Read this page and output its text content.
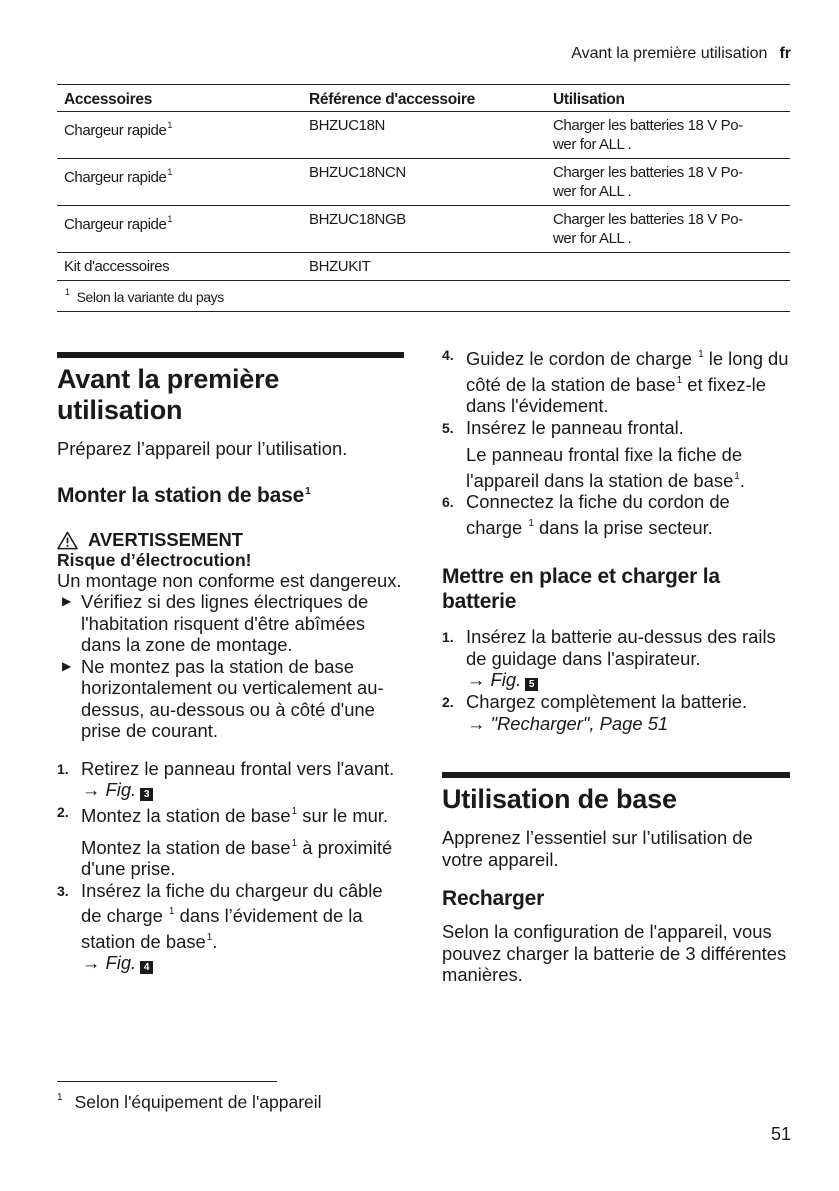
Avant la première utilisation fr
Accessoires	Référence d'accessoire	Utilisation
Chargeur rapide$^1$	BHZUC18N	Charger les batteries 18 V Po-
wer for ALL .
Chargeur rapide$^1$	BHZUC18NCN	Charger les batteries 18 V Po-
wer for ALL .
Chargeur rapide$^1$	BHZUC18NGB	Charger les batteries 18 V Po-
wer for ALL .
Kit d'accessoires	BHZUKIT	
$^1$ Selon la variante du pays		
Avant la première utilisation

Préparez l’appareil pour l’utilisation.

Monter la station de base$^1$
AVERTISSEMENT
Risque d’électrocution!

Un montage non conforme est dangereux.

▶ Vérifiez si des lignes électriques de l'habitation risquent d'être abîmées dans la zone de montage.
▶ Ne montez pas la station de base horizontalement ou verticalement au-dessus, au-dessous ou à côté d'une prise de courant.
1. Retirez le panneau frontal vers l'avant.
→ Fig. 3
2. Montez la station de base$^1$ sur le mur.
Montez la station de base$^1$ à proximité d'une prise.
3. Insérez la fiche du chargeur du câble de charge $^1$ dans l’évidement de la station de base$^1$.
→ Fig. 4
4. Guidez le cordon de charge $^1$ le long du côté de la station de base$^1$ et fixez-le dans l'évidement.
5. Insérez le panneau frontal.
Le panneau frontal fixe la fiche de l'appareil dans la station de base$^1$.
6. Connectez la fiche du cordon de charge $^1$ dans la prise secteur.
Mettre en place et charger la batterie
1. Insérez la batterie au-dessus des rails de guidage dans l'aspirateur.
→ Fig. 5
2. Chargez complètement la batterie.
→ "Recharger", Page 51
Utilisation de base

Apprenez l’essentiel sur l’utilisation de votre appareil.

Recharger

Selon la configuration de l'appareil, vous pouvez charger la batterie de 3 différentes manières.

$^1$ Selon l'équipement de l'appareil
51
